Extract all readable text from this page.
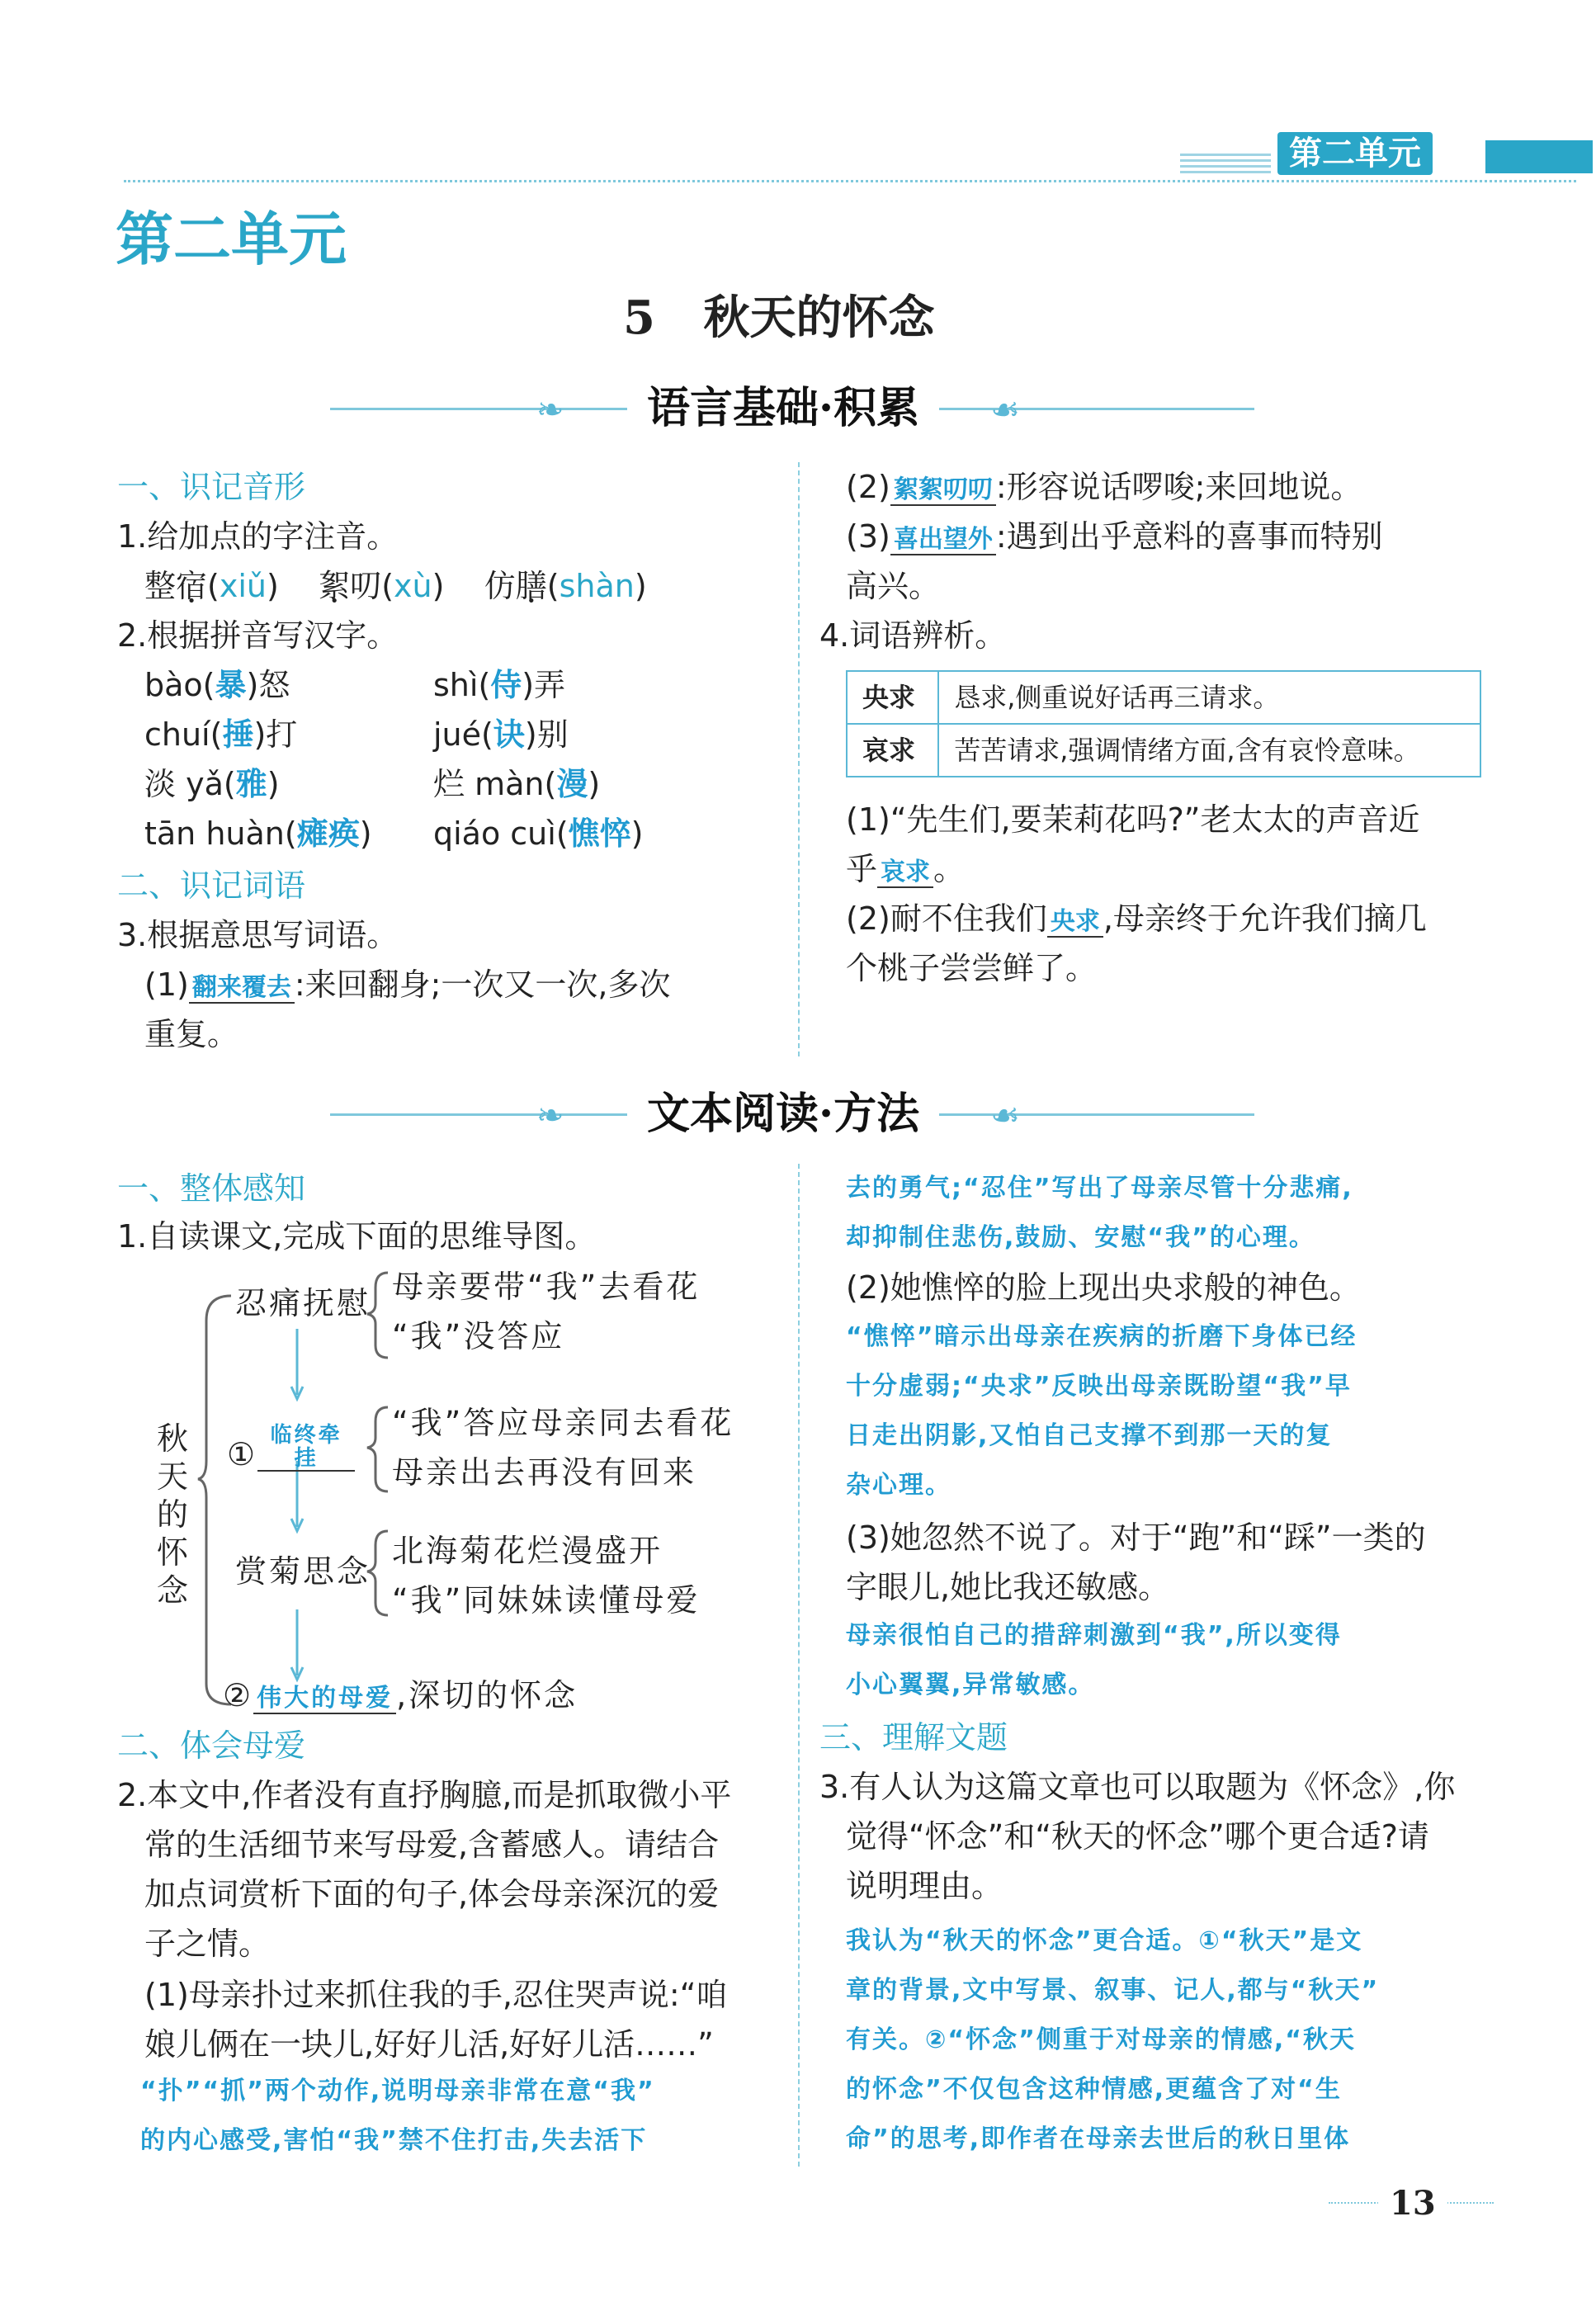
第二单元
第二单元
5 秋天的怀念
❧	语言基础·积累	☙
一、识记音形
1.给加点的字注音。
整宿(xiǔ)    絮叨(xù)    仿膳(shàn)
2.根据拼音写汉字。
bào(暴)怒	shì(侍)弄
chuí(捶)打	jué(诀)别
淡 yǎ(雅)	烂 màn(漫)
tān huàn(瘫痪) qiáo cuì(憔悴)
二、识记词语
3.根据意思写词语。
(1) 翻来覆去 :来回翻身;一次又一次,多次
重复。
(2) 絮絮叨叨 :形容说话啰唆;来回地说。
(3) 喜出望外 :遇到出乎意料的喜事而特别
高兴。
4.词语辨析。
央求	恳求,侧重说好话再三请求。
哀求	苦苦请求,强调情绪方面,含有哀怜意味。
(1)“先生们,要茉莉花吗?”老太太的声音近
乎 哀求 。
(2)耐不住我们 央求 ,母亲终于允许我们摘几
个桃子尝尝鲜了。
❧	文本阅读·方法	☙
一、整体感知
1.自读课文,完成下面的思维导图。
秋天的怀念
忍痛抚慰 母亲要带“我”去看花
“我”没答应
①临终牵挂
“我”答应母亲同去看花
母亲出去再没有回来
赏菊思念
北海菊花烂漫盛开
“我”同妹妹读懂母爱
② 伟大的母爱 ,深切的怀念
二、体会母爱
2.本文中,作者没有直抒胸臆,而是抓取微小平
常的生活细节来写母爱,含蓄感人。请结合
加点词赏析下面的句子,体会母亲深沉的爱
子之情。
(1)母亲扑过来抓住我的手,忍住哭声说:“咱
娘儿俩在一块儿,好好儿活,好好儿活……”
“扑”“抓”两个动作,说明母亲非常在意“我”
的内心感受,害怕“我”禁不住打击,失去活下
去的勇气;“忍住”写出了母亲尽管十分悲痛,
却抑制住悲伤,鼓励、安慰“我”的心理。
(2)她憔悴的脸上现出央求般的神色。
“憔悴”暗示出母亲在疾病的折磨下身体已经
十分虚弱;“央求”反映出母亲既盼望“我”早
日走出阴影,又怕自己支撑不到那一天的复
杂心理。
(3)她忽然不说了。对于“跑”和“踩”一类的
字眼儿,她比我还敏感。
母亲很怕自己的措辞刺激到“我”,所以变得
小心翼翼,异常敏感。
三、理解文题
3.有人认为这篇文章也可以取题为《怀念》,你
觉得“怀念”和“秋天的怀念”哪个更合适?请
说明理由。
我认为“秋天的怀念”更合适。①“秋天”是文
章的背景,文中写景、叙事、记人,都与“秋天”
有关。②“怀念”侧重于对母亲的情感,“秋天
的怀念”不仅包含这种情感,更蕴含了对“生
命”的思考,即作者在母亲去世后的秋日里体
13
